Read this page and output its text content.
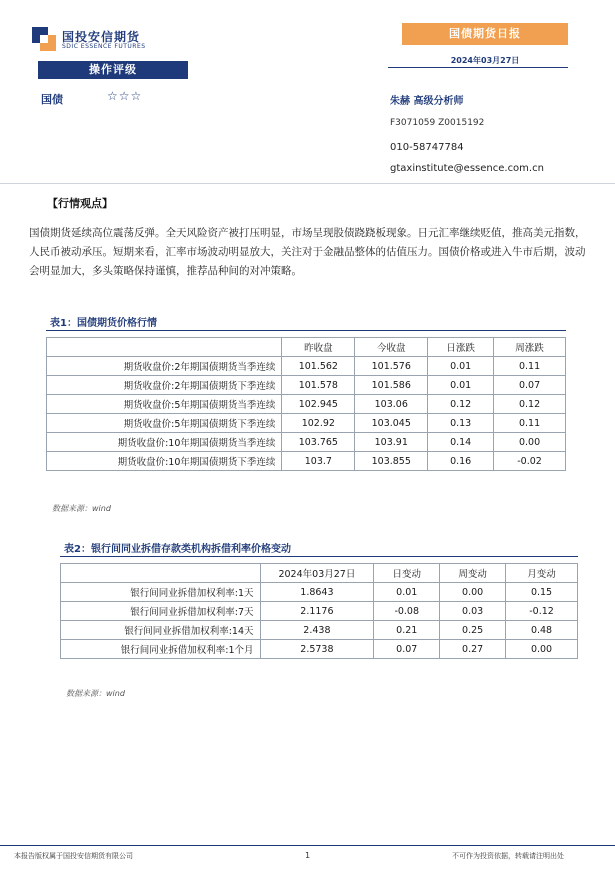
国投安信期货
SDIC ESSENCE FUTURES
国债期货日报
2024年03月27日
操作评级
国债	☆☆☆	朱赫 高级分析师
F3071059 Z0015192
010-58747784
gtaxinstitute@essence.com.cn
【行情观点】
国债期货延续高位震荡反弹。全天风险资产被打压明显，市场呈现股债跷跷板现象。日元汇率继续贬值，推高美元指数，人民币被动承压。短期来看，汇率市场波动明显放大，关注对于金融品整体的估值压力。国债价格或进入牛市后期，波动会明显加大，多头策略保持谨慎，推荐品种间的对冲策略。
表1：国债期货价格行情
	昨收盘	今收盘	日涨跌	周涨跌
期货收盘价:2年期国债期货当季连续	101.562	101.576	0.01	0.11
期货收盘价:2年期国债期货下季连续	101.578	101.586	0.01	0.07
期货收盘价:5年期国债期货当季连续	102.945	103.06	0.12	0.12
期货收盘价:5年期国债期货下季连续	102.92	103.045	0.13	0.11
期货收盘价:10年期国债期货当季连续	103.765	103.91	0.14	0.00
期货收盘价:10年期国债期货下季连续	103.7	103.855	0.16	-0.02
数据来源：wind
表2：银行间同业拆借存款类机构拆借利率价格变动
	2024年03月27日	日变动	周变动	月变动
银行间同业拆借加权利率:1天	1.8643	0.01	0.00	0.15
银行间同业拆借加权利率:7天	2.1176	-0.08	0.03	-0.12
银行间同业拆借加权利率:14天	2.438	0.21	0.25	0.48
银行间同业拆借加权利率:1个月	2.5738	0.07	0.27	0.00
数据来源：wind
本报告版权属于国投安信期货有限公司	1	不可作为投资依据，转载请注明出处
